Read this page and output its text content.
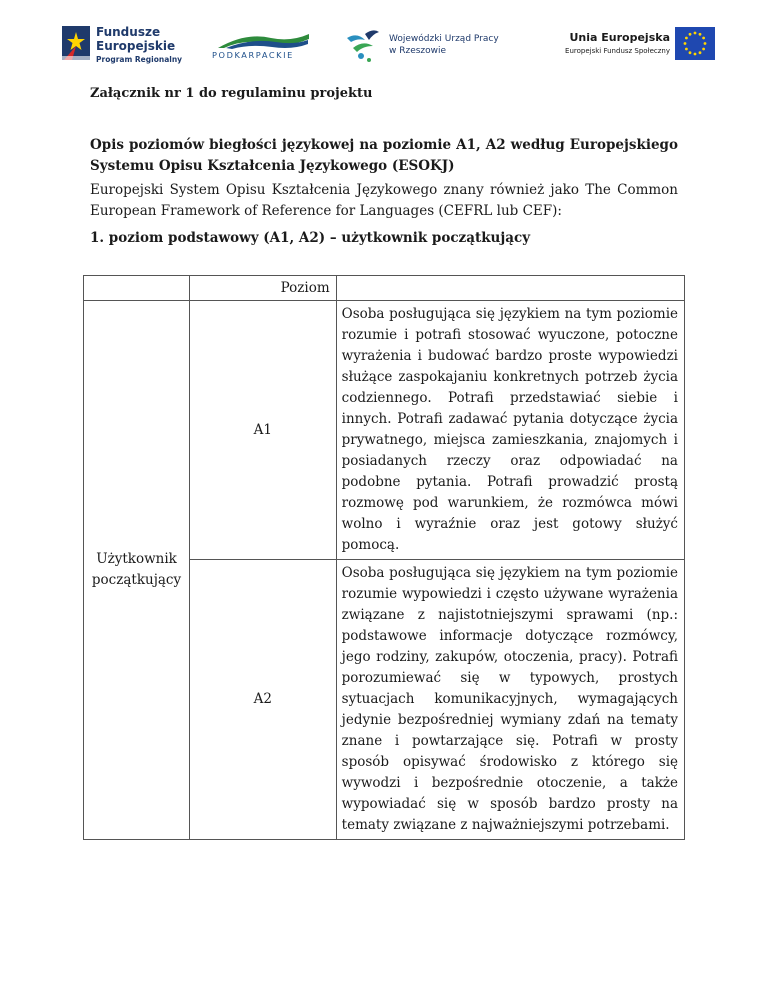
Fundusze
Europejskie
Program Regionalny	PODKARPACKIE
Wojewódzki Urząd Pracy
w Rzeszowie
Unia Europejska
Europejski Fundusz Społeczny
Załącznik nr 1 do regulaminu projektu
Opis poziomów biegłości językowej na poziomie A1, A2 według Europejskiego Systemu Opisu Kształcenia Językowego (ESOKJ)
Europejski System Opisu Kształcenia Językowego znany również jako The Common European Framework of Reference for Languages (CEFRL lub CEF):
1. poziom podstawowy (A1, A2) – użytkownik początkujący
	Poziom	
Użytkownik początkujący	A1	Osoba posługująca się językiem na tym poziomie rozumie i potrafi stosować wyuczone, potoczne wyrażenia i budować bardzo proste wypowiedzi służące zaspokajaniu konkretnych potrzeb życia codziennego. Potrafi przedstawiać siebie i innych. Potrafi zadawać pytania dotyczące życia prywatnego, miejsca zamieszkania, znajomych i posiadanych rzeczy oraz odpowiadać na podobne pytania. Potrafi prowadzić prostą rozmowę pod warunkiem, że rozmówca mówi wolno i wyraźnie oraz jest gotowy służyć pomocą.

	A2	Osoba posługująca się językiem na tym poziomie rozumie wypowiedzi i często używane wyrażenia związane z najistotniejszymi sprawami (np.: podstawowe informacje dotyczące rozmówcy, jego rodziny, zakupów, otoczenia, pracy). Potrafi porozumiewać się w typowych, prostych sytuacjach komunikacyjnych, wymagających jedynie bezpośredniej wymiany zdań na tematy znane i powtarzające się. Potrafi w prosty sposób opisywać środowisko z którego się wywodzi i bezpośrednie otoczenie, a także wypowiadać się w sposób bardzo prosty na tematy związane z najważniejszymi potrzebami.
